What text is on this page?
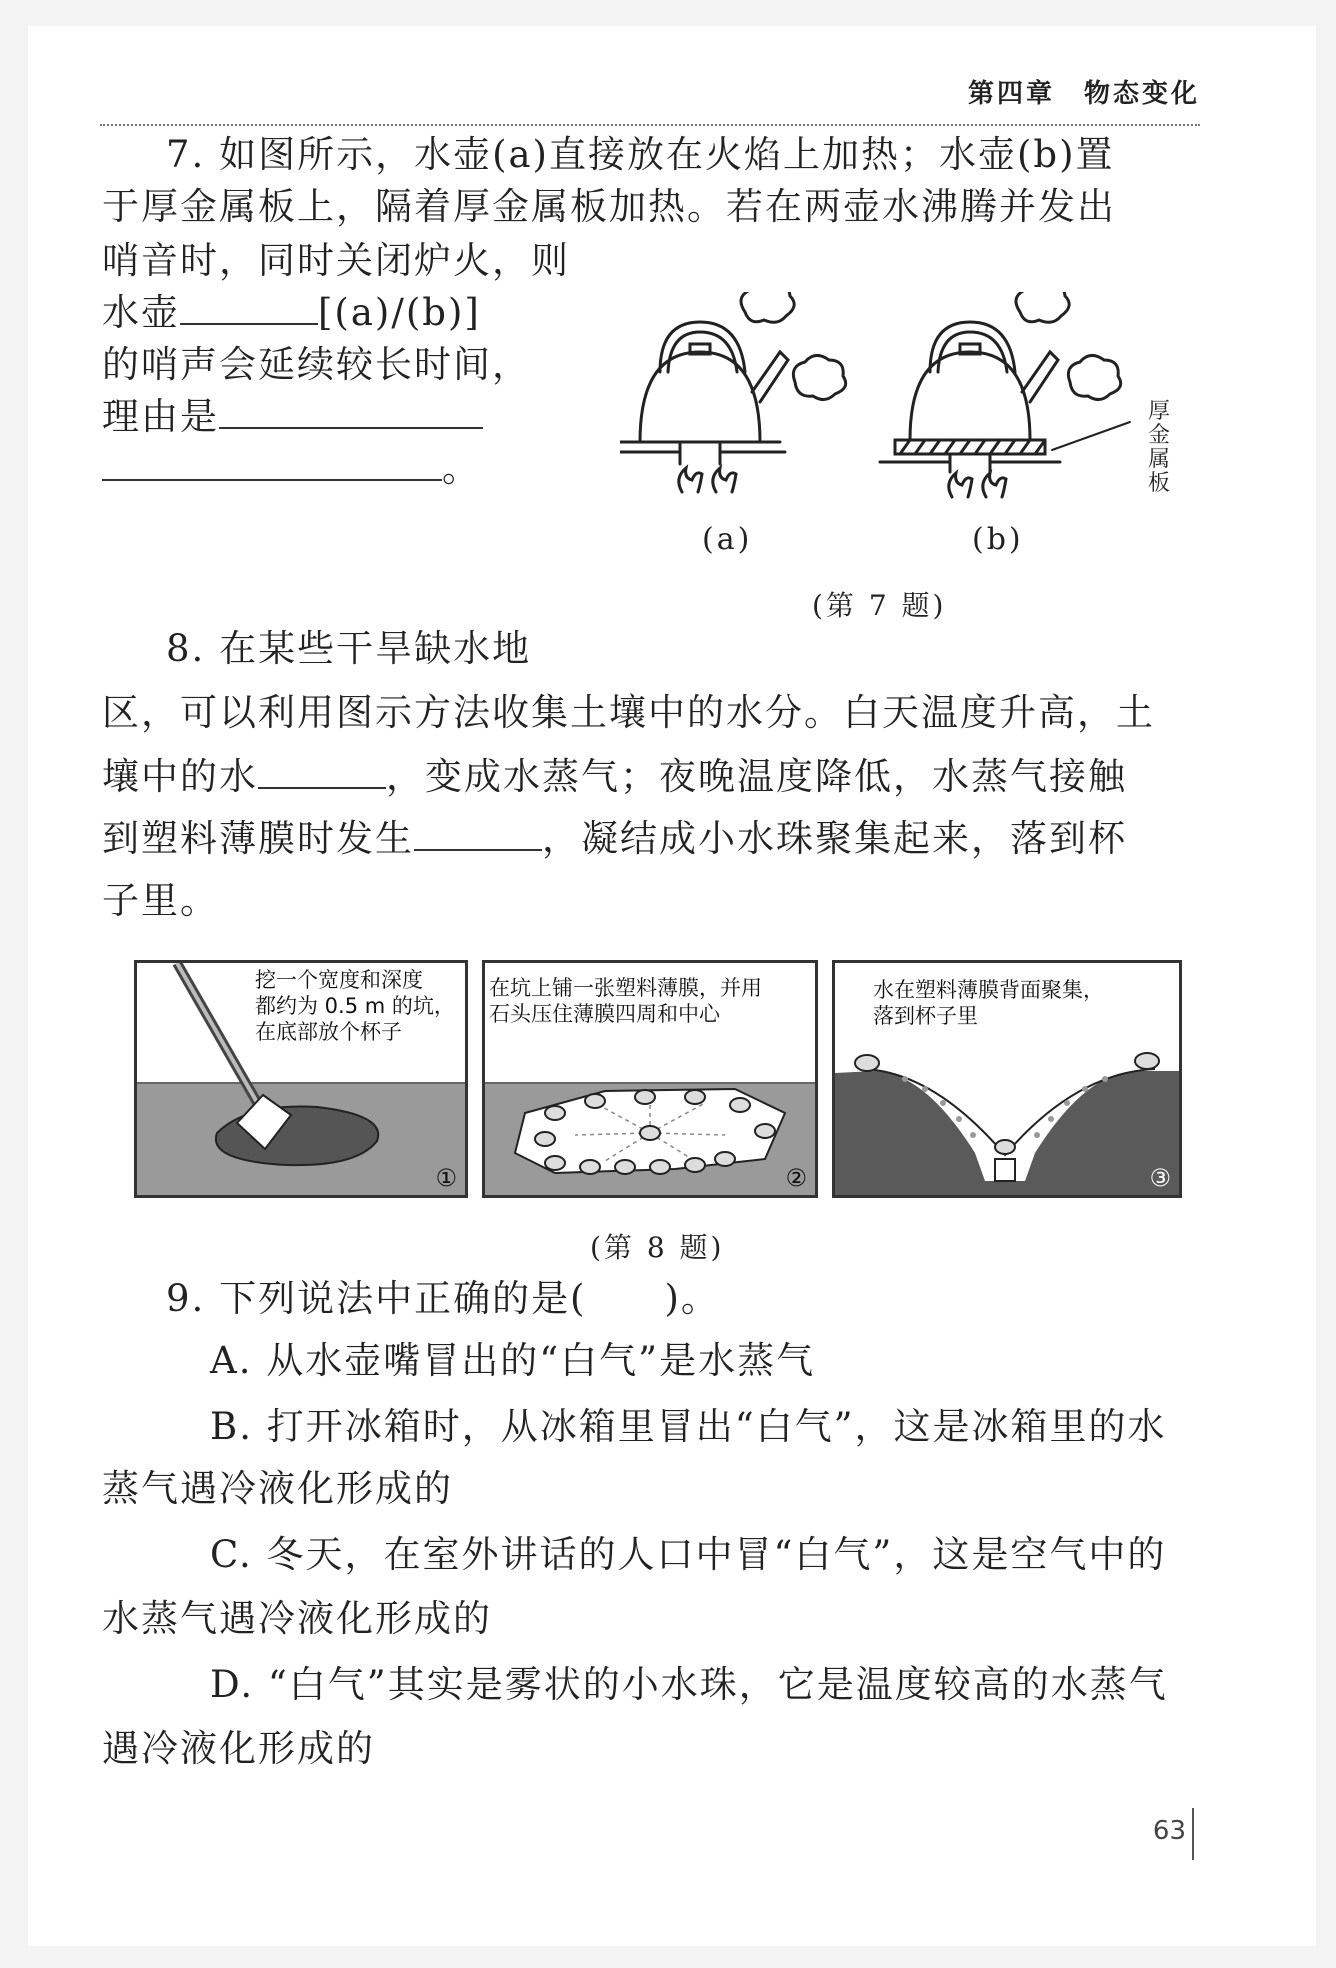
第四章　物态变化
7. 如图所示，水壶(a)直接放在火焰上加热；水壶(b)置
于厚金属板上，隔着厚金属板加热。若在两壶水沸腾并发出
哨音时，同时关闭炉火，则
水壶	[(a)/(b)]
的哨声会延续较长时间，
理由是
。
厚金属板
(a)	(b)
(第 7 题)
8. 在某些干旱缺水地
区，可以利用图示方法收集土壤中的水分。白天温度升高，土
壤中的水	，变成水蒸气；夜晚温度降低，水蒸气接触
到塑料薄膜时发生	，凝结成小水珠聚集起来，落到杯
子里。
挖一个宽度和深度
都约为 0.5 m 的坑，
在底部放个杯子
①
在坑上铺一张塑料薄膜，并用
石头压住薄膜四周和中心
②
水在塑料薄膜背面聚集，
落到杯子里
③
(第 8 题)
9. 下列说法中正确的是(　　)。
A. 从水壶嘴冒出的“白气”是水蒸气
B. 打开冰箱时，从冰箱里冒出“白气”，这是冰箱里的水
蒸气遇冷液化形成的
C. 冬天，在室外讲话的人口中冒“白气”，这是空气中的
水蒸气遇冷液化形成的
D. “白气”其实是雾状的小水珠，它是温度较高的水蒸气
遇冷液化形成的
63
